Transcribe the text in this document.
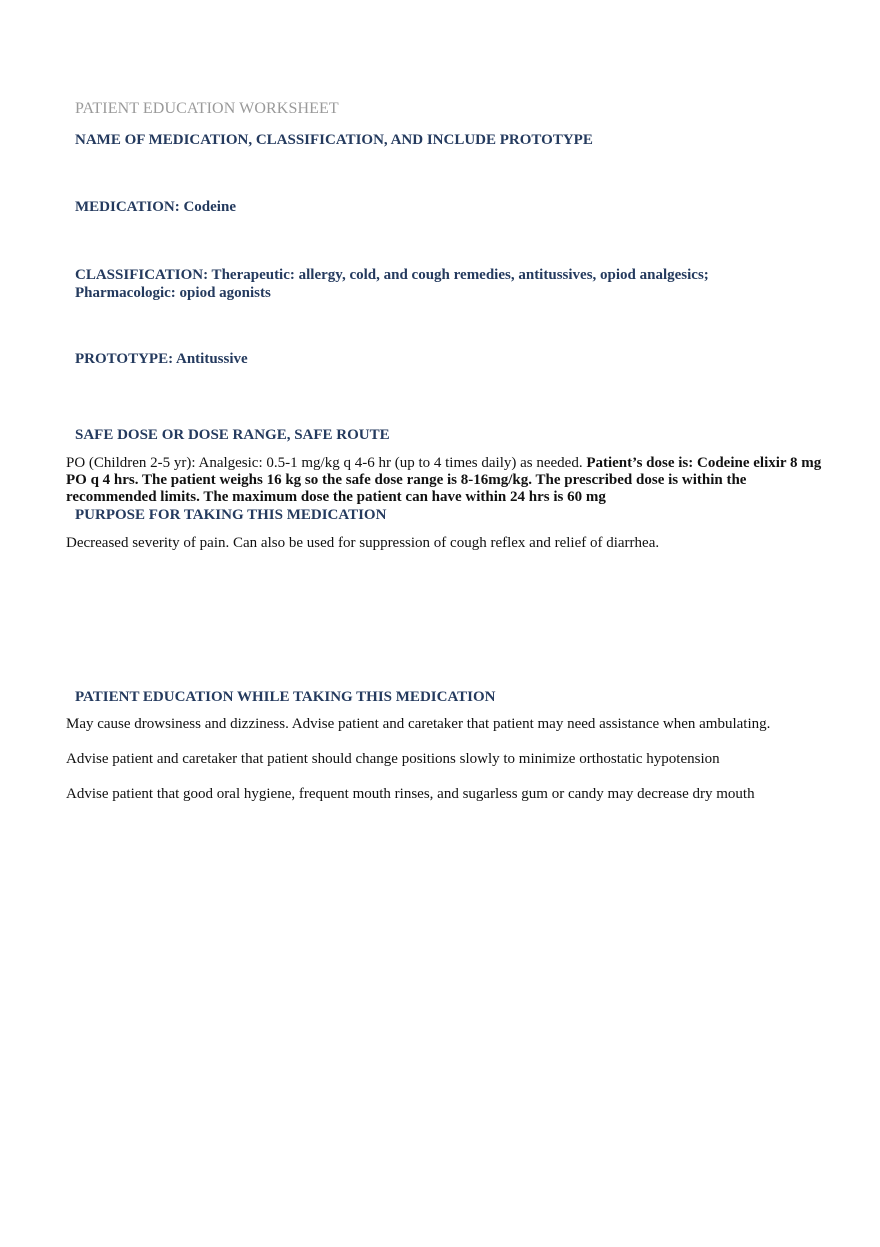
PATIENT EDUCATION WORKSHEET
NAME OF MEDICATION, CLASSIFICATION, AND INCLUDE PROTOTYPE
MEDICATION: Codeine
CLASSIFICATION: Therapeutic: allergy, cold, and cough remedies, antitussives, opiod analgesics;
Pharmacologic: opiod agonists
PROTOTYPE: Antitussive
SAFE DOSE OR DOSE RANGE, SAFE ROUTE
PO (Children 2-5 yr): Analgesic: 0.5-1 mg/kg q 4-6 hr (up to 4 times daily) as needed. Patient’s dose is: Codeine elixir 8 mg PO q 4 hrs. The patient weighs 16 kg so the safe dose range is 8-16mg/kg. The prescribed dose is within the recommended limits. The maximum dose the patient can have within 24 hrs is 60 mg
PURPOSE FOR TAKING THIS MEDICATION
Decreased severity of pain. Can also be used for suppression of cough reflex and relief of diarrhea.
PATIENT EDUCATION WHILE TAKING THIS MEDICATION
May cause drowsiness and dizziness. Advise patient and caretaker that patient may need assistance when ambulating.
Advise patient and caretaker that patient should change positions slowly to minimize orthostatic hypotension
Advise patient that good oral hygiene, frequent mouth rinses, and sugarless gum or candy may decrease dry mouth
